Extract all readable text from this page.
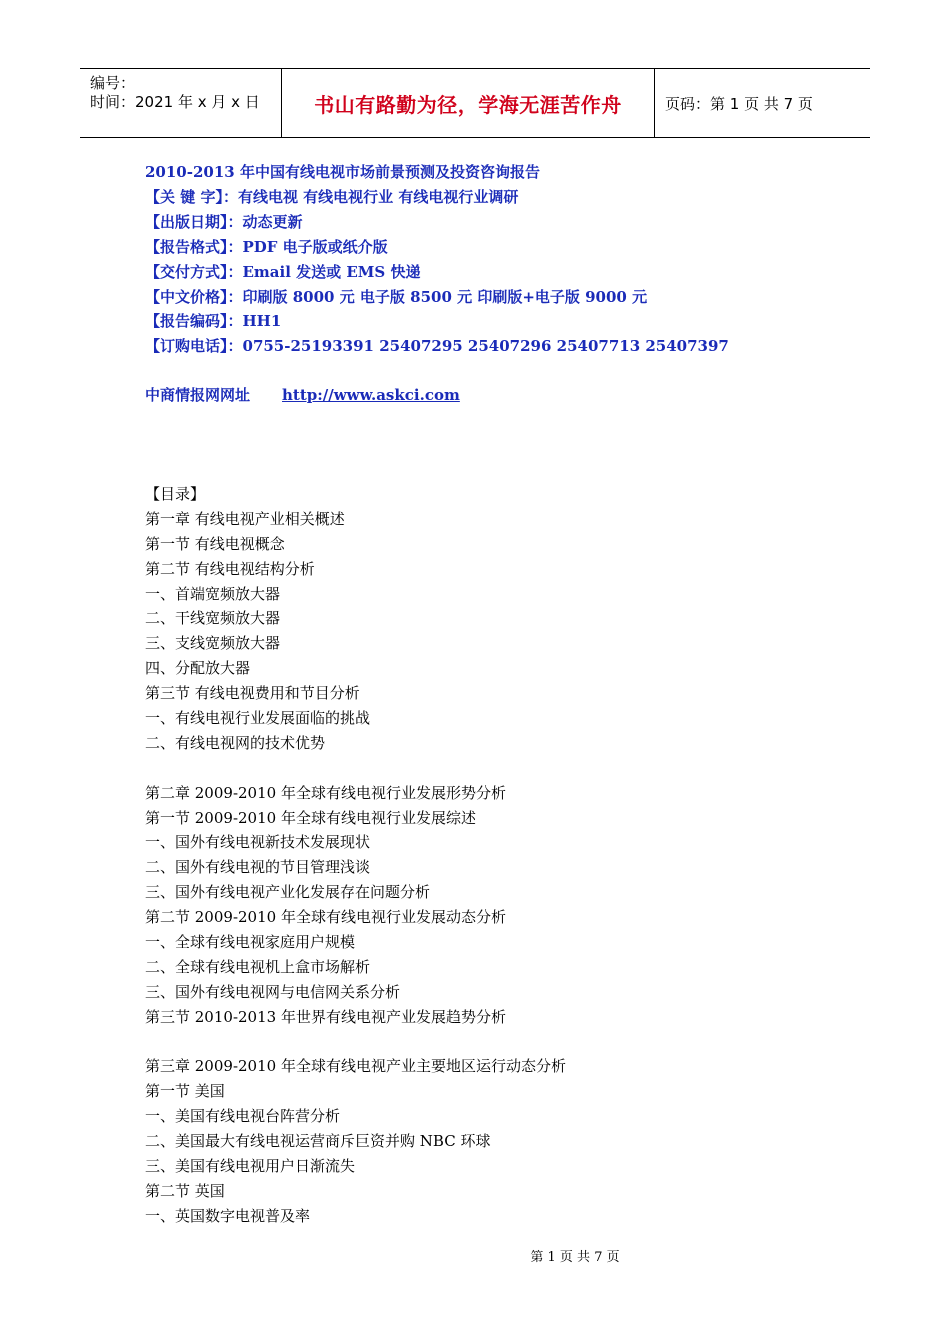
编号：
时间：2021 年 x 月 x 日	书山有路勤为径，学海无涯苦作舟	页码：第 1 页 共 7 页
2010-2013 年中国有线电视市场前景预测及投资咨询报告
【关 键 字】：有线电视 有线电视行业 有线电视行业调研
【出版日期】：动态更新
【报告格式】：PDF 电子版或纸介版
【交付方式】：Email 发送或 EMS 快递
【中文价格】：印刷版 8000 元 电子版 8500 元 印刷版+电子版 9000 元
【报告编码】：HH1
【订购电话】：0755-25193391 25407295 25407296 25407713 25407397
中商情报网网址 http://www.askci.com
【目录】
第一章 有线电视产业相关概述
第一节 有线电视概念
第二节 有线电视结构分析
一、首端宽频放大器
二、干线宽频放大器
三、支线宽频放大器
四、分配放大器
第三节 有线电视费用和节目分析
一、有线电视行业发展面临的挑战
二、有线电视网的技术优势
第二章 2009-2010 年全球有线电视行业发展形势分析
第一节 2009-2010 年全球有线电视行业发展综述
一、国外有线电视新技术发展现状
二、国外有线电视的节目管理浅谈
三、国外有线电视产业化发展存在问题分析
第二节 2009-2010 年全球有线电视行业发展动态分析
一、全球有线电视家庭用户规模
二、全球有线电视机上盒市场解析
三、国外有线电视网与电信网关系分析
第三节 2010-2013 年世界有线电视产业发展趋势分析
第三章 2009-2010 年全球有线电视产业主要地区运行动态分析
第一节 美国
一、美国有线电视台阵营分析
二、美国最大有线电视运营商斥巨资并购 NBC 环球
三、美国有线电视用户日渐流失
第二节 英国
一、英国数字电视普及率
第 1 页 共 7 页
